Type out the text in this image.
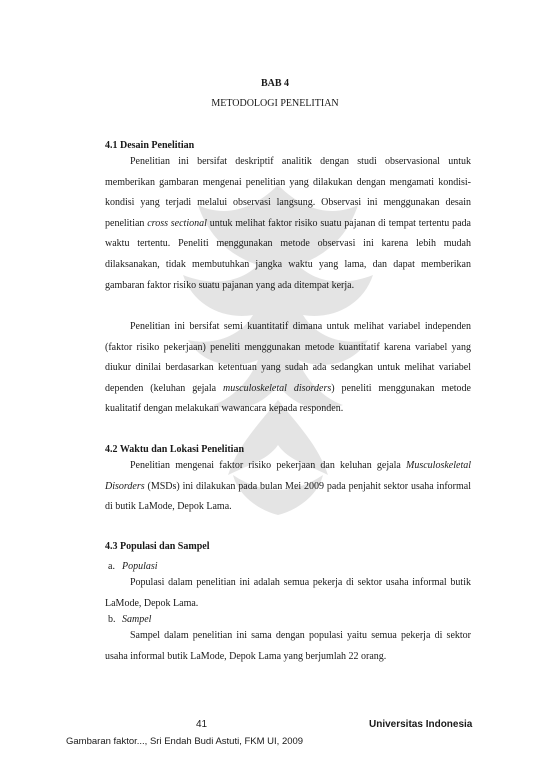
BAB 4
METODOLOGI PENELITIAN
4.1 Desain Penelitian

Penelitian ini bersifat deskriptif analitik dengan studi observasional untuk memberikan gambaran mengenai penelitian yang dilakukan dengan mengamati kondisi-kondisi yang terjadi melalui observasi langsung. Observasi ini menggunakan desain penelitian cross sectional untuk melihat faktor risiko suatu pajanan di tempat tertentu pada waktu tertentu. Peneliti menggunakan metode observasi ini karena lebih mudah dilaksanakan, tidak membutuhkan jangka waktu yang lama, dan dapat memberikan gambaran faktor risiko suatu pajanan yang ada ditempat kerja.

Penelitian ini bersifat semi kuantitatif dimana untuk melihat variabel independen (faktor risiko pekerjaan) peneliti menggunakan metode kuantitatif karena variabel yang diukur dinilai berdasarkan ketentuan yang sudah ada sedangkan untuk melihat variabel dependen (keluhan gejala musculoskeletal disorders) peneliti menggunakan metode kualitatif dengan melakukan wawancara kepada responden.

4.2 Waktu dan Lokasi Penelitian

Penelitian mengenai faktor risiko pekerjaan dan keluhan gejala Musculoskeletal Disorders (MSDs) ini dilakukan pada bulan Mei 2009 pada penjahit sektor usaha informal di butik LaMode, Depok Lama.

4.3 Populasi dan Sampel
a. Populasi

Populasi dalam penelitian ini adalah semua pekerja di sektor usaha informal butik LaMode, Depok Lama.

b. Sampel

Sampel dalam penelitian ini sama dengan populasi yaitu semua pekerja di sektor usaha informal butik LaMode, Depok Lama yang berjumlah 22 orang.

41	Universitas Indonesia
Gambaran faktor..., Sri Endah Budi Astuti, FKM UI, 2009
